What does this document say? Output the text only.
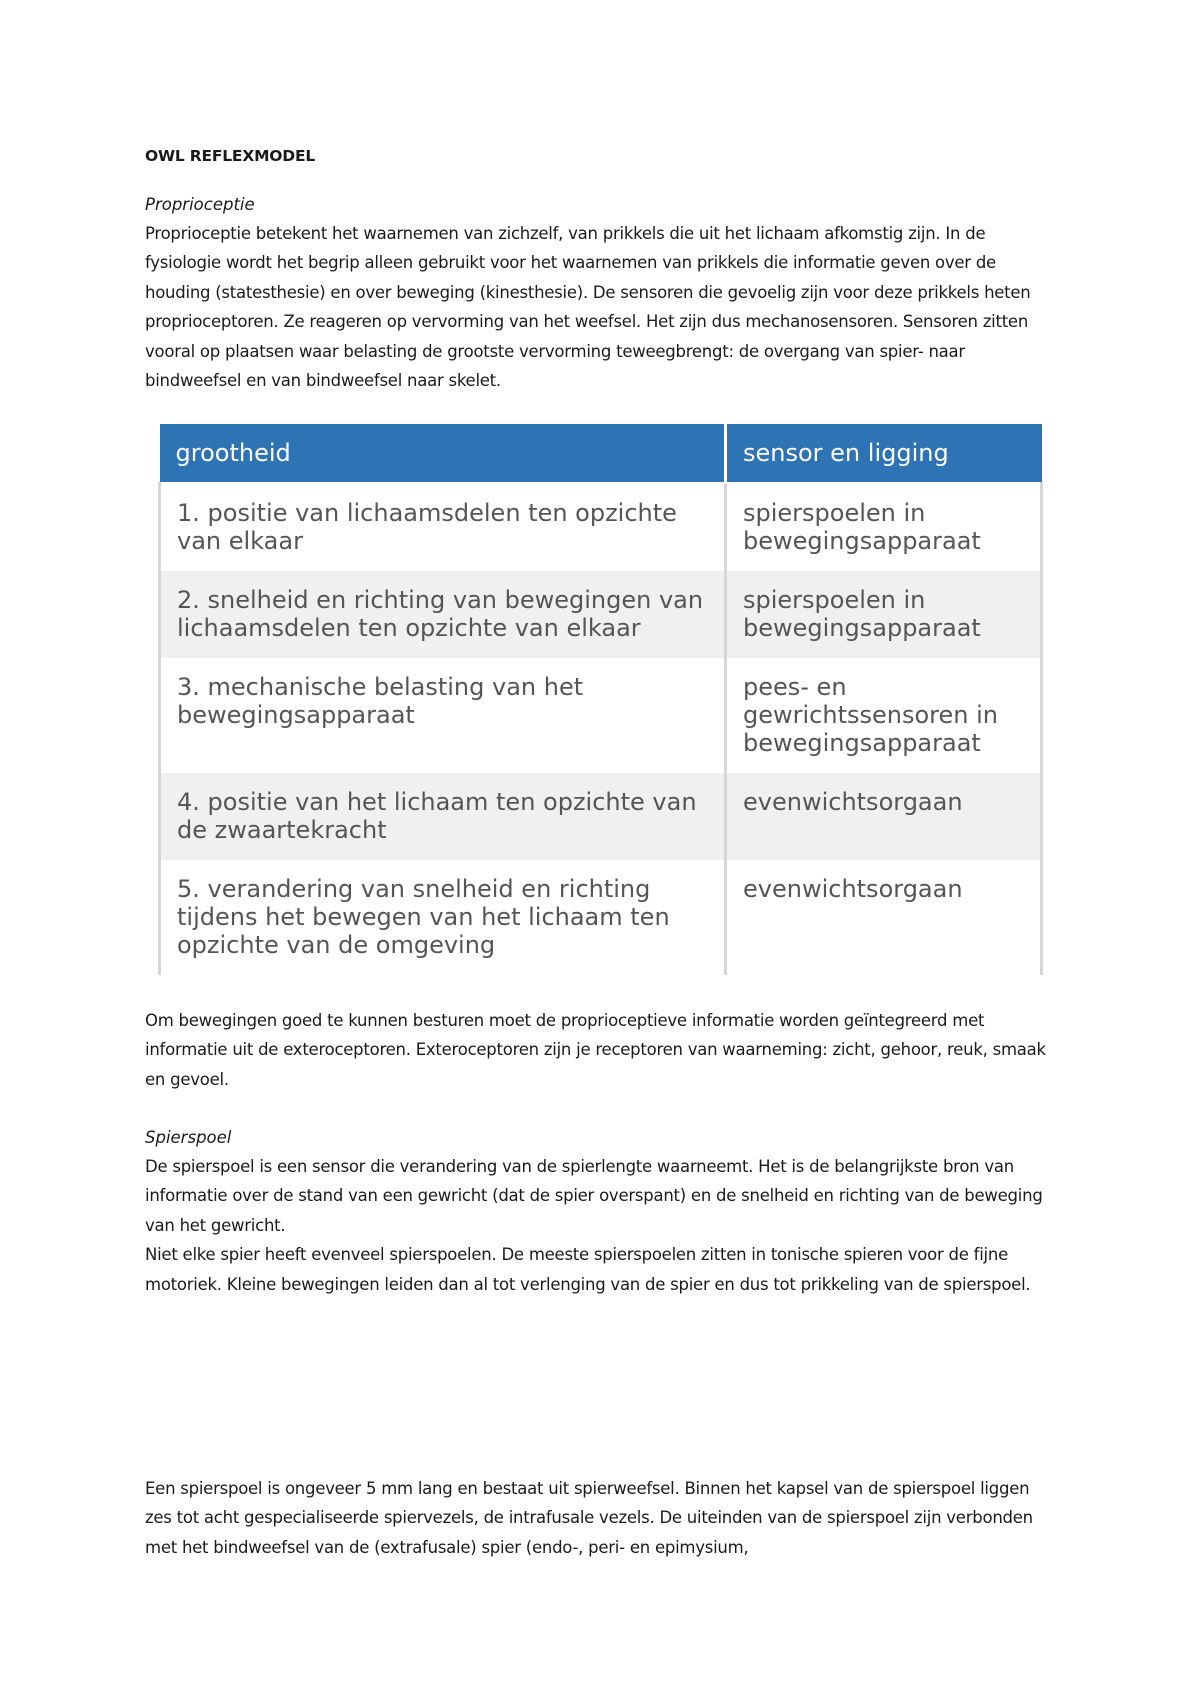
OWL REFLEXMODEL

Proprioceptie

Proprioceptie betekent het waarnemen van zichzelf, van prikkels die uit het lichaam afkomstig zijn. In de fysiologie wordt het begrip alleen gebruikt voor het waarnemen van prikkels die informatie geven over de houding (statesthesie) en over beweging (kinesthesie). De sensoren die gevoelig zijn voor deze prikkels heten proprioceptoren. Ze reageren op vervorming van het weefsel. Het zijn dus mechanosensoren. Sensoren zitten vooral op plaatsen waar belasting de grootste vervorming teweegbrengt: de overgang van spier- naar bindweefsel en van bindweefsel naar skelet.

grootheid	sensor en ligging
1. positie van lichaamsdelen ten opzichte van elkaar	spierspoelen in bewegingsapparaat
2. snelheid en richting van bewegingen van lichaamsdelen ten opzichte van elkaar	spierspoelen in bewegingsapparaat
3. mechanische belasting van het bewegingsapparaat	pees- en gewrichtssensoren in bewegingsapparaat
4. positie van het lichaam ten opzichte van de zwaartekracht	evenwichtsorgaan
5. verandering van snelheid en richting tijdens het bewegen van het lichaam ten opzichte van de omgeving	evenwichtsorgaan

Om bewegingen goed te kunnen besturen moet de proprioceptieve informatie worden geïntegreerd met informatie uit de exteroceptoren. Exteroceptoren zijn je receptoren van waarneming: zicht, gehoor, reuk, smaak en gevoel.

Spierspoel

De spierspoel is een sensor die verandering van de spierlengte waarneemt. Het is de belangrijkste bron van informatie over de stand van een gewricht (dat de spier overspant) en de snelheid en richting van de beweging van het gewricht.

Niet elke spier heeft evenveel spierspoelen. De meeste spierspoelen zitten in tonische spieren voor de fijne motoriek. Kleine bewegingen leiden dan al tot verlenging van de spier en dus tot prikkeling van de spierspoel.

Een spierspoel is ongeveer 5 mm lang en bestaat uit spierweefsel. Binnen het kapsel van de spierspoel liggen zes tot acht gespecialiseerde spiervezels, de intrafusale vezels. De uiteinden van de spierspoel zijn verbonden met het bindweefsel van de (extrafusale) spier (endo-, peri- en epimysium,
